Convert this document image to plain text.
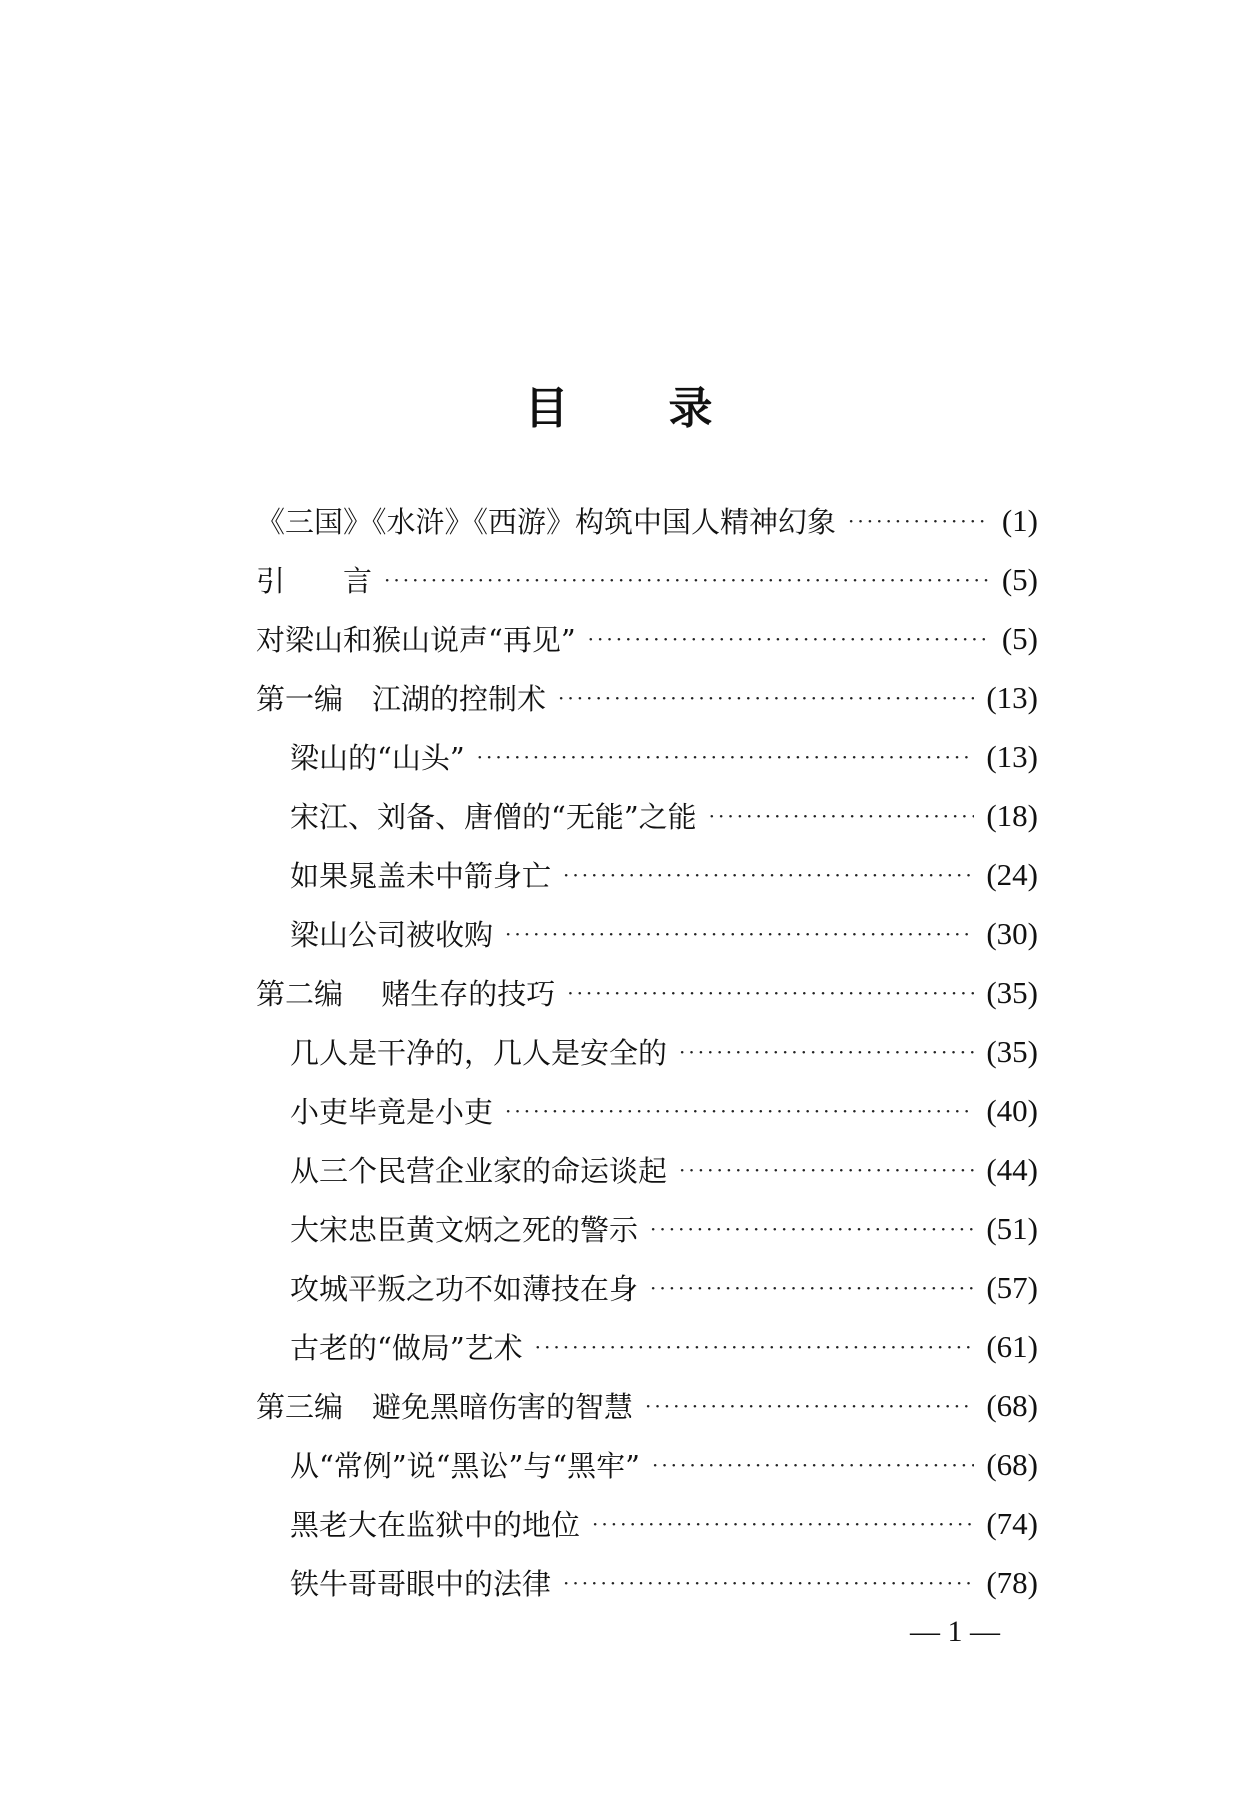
目 录
《三国》《水浒》《西游》构筑中国人精神幻象 ·····	(1)
引　　言 ·····	(5)
对梁山和猴山说声“再见” ·····	(5)
第一编　江湖的控制术 ·····	(13)
梁山的“山头” ·····	(13)
宋江、刘备、唐僧的“无能”之能 ·····	(18)
如果晁盖未中箭身亡 ·····	(24)
梁山公司被收购 ·····	(30)
第二编　 赌生存的技巧 ·····	(35)
几人是干净的，几人是安全的 ·····	(35)
小吏毕竟是小吏 ·····	(40)
从三个民营企业家的命运谈起 ·····	(44)
大宋忠臣黄文炳之死的警示 ·····	(51)
攻城平叛之功不如薄技在身 ·····	(57)
古老的“做局”艺术 ·····	(61)
第三编　避免黑暗伤害的智慧 ·····	(68)
从“常例”说“黑讼”与“黑牢” ·····	(68)
黑老大在监狱中的地位 ·····	(74)
铁牛哥哥眼中的法律 ·····	(78)
— 1 —
